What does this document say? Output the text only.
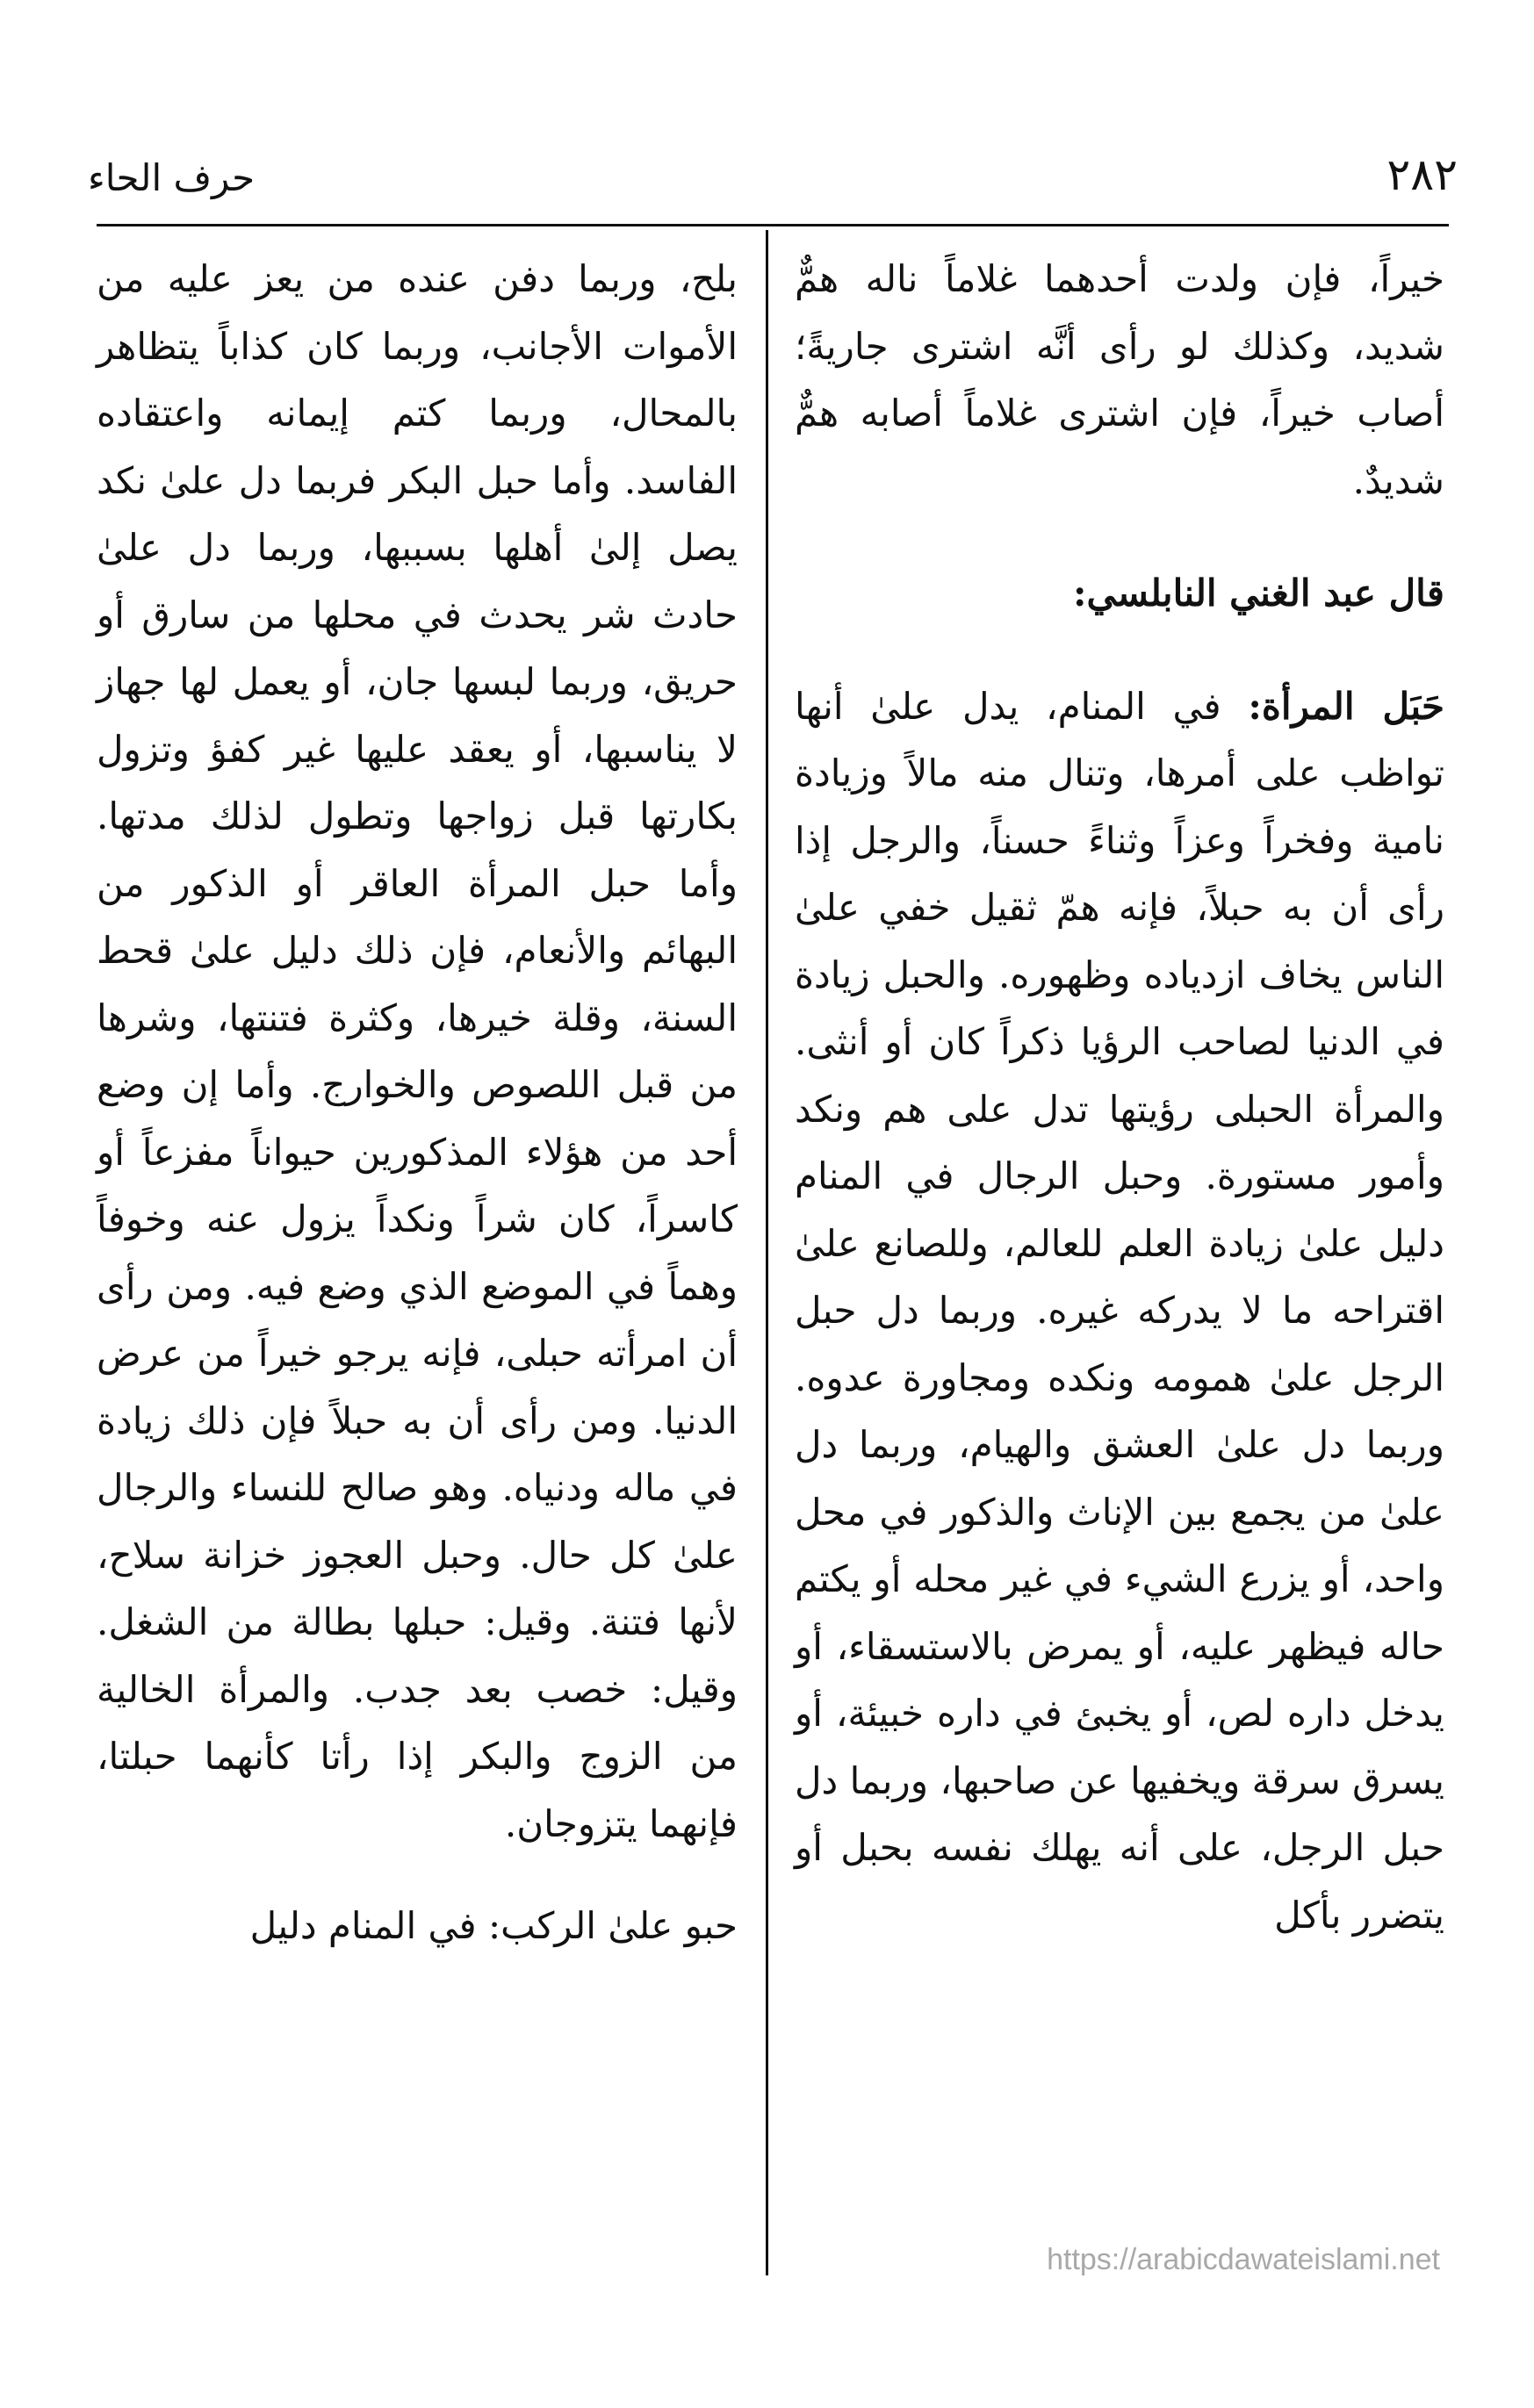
٢٨٢
حرف الحاء

خيراً، فإن ولدت أحدهما غلاماً ناله همٌّ شديد، وكذلك لو رأى أنَّه اشترى جاريةً؛ أصاب خيراً، فإن اشترى غلاماً أصابه همٌّ شديدٌ.

قال عبد الغني النابلسي:

حَبَل المرأة: في المنام، يدل علىٰ أنها تواظب على أمرها، وتنال منه مالاً وزيادة نامية وفخراً وعزاً وثناءً حسناً، والرجل إذا رأى أن به حبلاً، فإنه همّ ثقيل خفي علىٰ الناس يخاف ازدياده وظهوره. والحبل زيادة في الدنيا لصاحب الرؤيا ذكراً كان أو أنثى. والمرأة الحبلى رؤيتها تدل على هم ونكد وأمور مستورة. وحبل الرجال في المنام دليل علىٰ زيادة العلم للعالم، وللصانع علىٰ اقتراحه ما لا يدركه غيره. وربما دل حبل الرجل علىٰ همومه ونكده ومجاورة عدوه. وربما دل علىٰ العشق والهيام، وربما دل علىٰ من يجمع بين الإناث والذكور في محل واحد، أو يزرع الشيء في غير محله أو يكتم حاله فيظهر عليه، أو يمرض بالاستسقاء، أو يدخل داره لص، أو يخبئ في داره خبيئة، أو يسرق سرقة ويخفيها عن صاحبها، وربما دل حبل الرجل، على أنه يهلك نفسه بحبل أو يتضرر بأكل

بلح، وربما دفن عنده من يعز عليه من الأموات الأجانب، وربما كان كذاباً يتظاهر بالمحال، وربما كتم إيمانه واعتقاده الفاسد. وأما حبل البكر فربما دل علىٰ نكد يصل إلىٰ أهلها بسببها، وربما دل علىٰ حادث شر يحدث في محلها من سارق أو حريق، وربما لبسها جان، أو يعمل لها جهاز لا يناسبها، أو يعقد عليها غير كفؤ وتزول بكارتها قبل زواجها وتطول لذلك مدتها. وأما حبل المرأة العاقر أو الذكور من البهائم والأنعام، فإن ذلك دليل علىٰ قحط السنة، وقلة خيرها، وكثرة فتنتها، وشرها من قبل اللصوص والخوارج. وأما إن وضع أحد من هؤلاء المذكورين حيواناً مفزعاً أو كاسراً، كان شراً ونكداً يزول عنه وخوفاً وهماً في الموضع الذي وضع فيه. ومن رأى أن امرأته حبلى، فإنه يرجو خيراً من عرض الدنيا. ومن رأى أن به حبلاً فإن ذلك زيادة في ماله ودنياه. وهو صالح للنساء والرجال علىٰ كل حال. وحبل العجوز خزانة سلاح، لأنها فتنة. وقيل: حبلها بطالة من الشغل. وقيل: خصب بعد جدب. والمرأة الخالية من الزوج والبكر إذا رأتا كأنهما حبلتا، فإنهما يتزوجان.

حبو علىٰ الركب: في المنام دليل

https://arabicdawateislami.net
